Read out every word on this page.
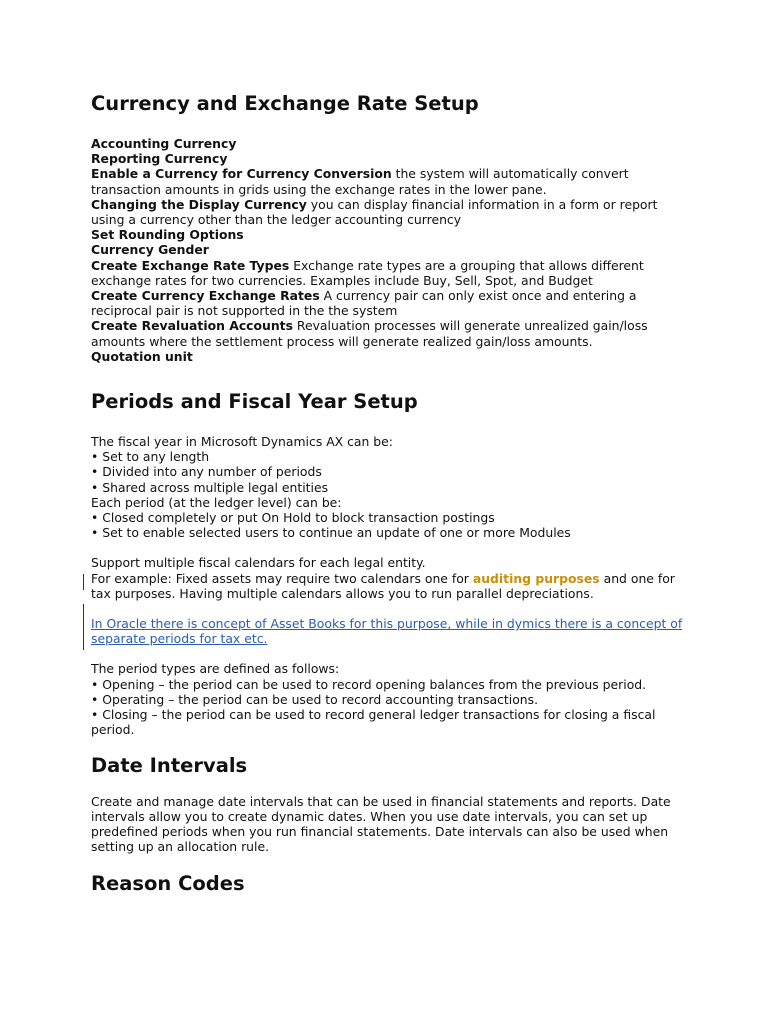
Currency and Exchange Rate Setup

Accounting Currency

Reporting Currency

Enable a Currency for Currency Conversion the system will automatically convert transaction amounts in grids using the exchange rates in the lower pane.

Changing the Display Currency you can display financial information in a form or report using a currency other than the ledger accounting currency

Set Rounding Options

Currency Gender

Create Exchange Rate Types Exchange rate types are a grouping that allows different exchange rates for two currencies. Examples include Buy, Sell, Spot, and Budget

Create Currency Exchange Rates A currency pair can only exist once and entering a reciprocal pair is not supported in the the system

Create Revaluation Accounts Revaluation processes will generate unrealized gain/loss amounts where the settlement process will generate realized gain/loss amounts.

Quotation unit

Periods and Fiscal Year Setup

The fiscal year in Microsoft Dynamics AX can be:

• Set to any length

• Divided into any number of periods

• Shared across multiple legal entities

Each period (at the ledger level) can be:

• Closed completely or put On Hold to block transaction postings

• Set to enable selected users to continue an update of one or more Modules

Support multiple fiscal calendars for each legal entity.

For example: Fixed assets may require two calendars one for auditing purposes and one for tax purposes. Having multiple calendars allows you to run parallel depreciations.

In Oracle there is concept of Asset Books for this purpose, while in dymics there is a concept of separate periods for tax etc.

The period types are defined as follows:

• Opening – the period can be used to record opening balances from the previous period.

• Operating – the period can be used to record accounting transactions.

• Closing – the period can be used to record general ledger transactions for closing a fiscal period.

Date Intervals

Create and manage date intervals that can be used in financial statements and reports. Date intervals allow you to create dynamic dates. When you use date intervals, you can set up predefined periods when you run financial statements. Date intervals can also be used when setting up an allocation rule.

Reason Codes
